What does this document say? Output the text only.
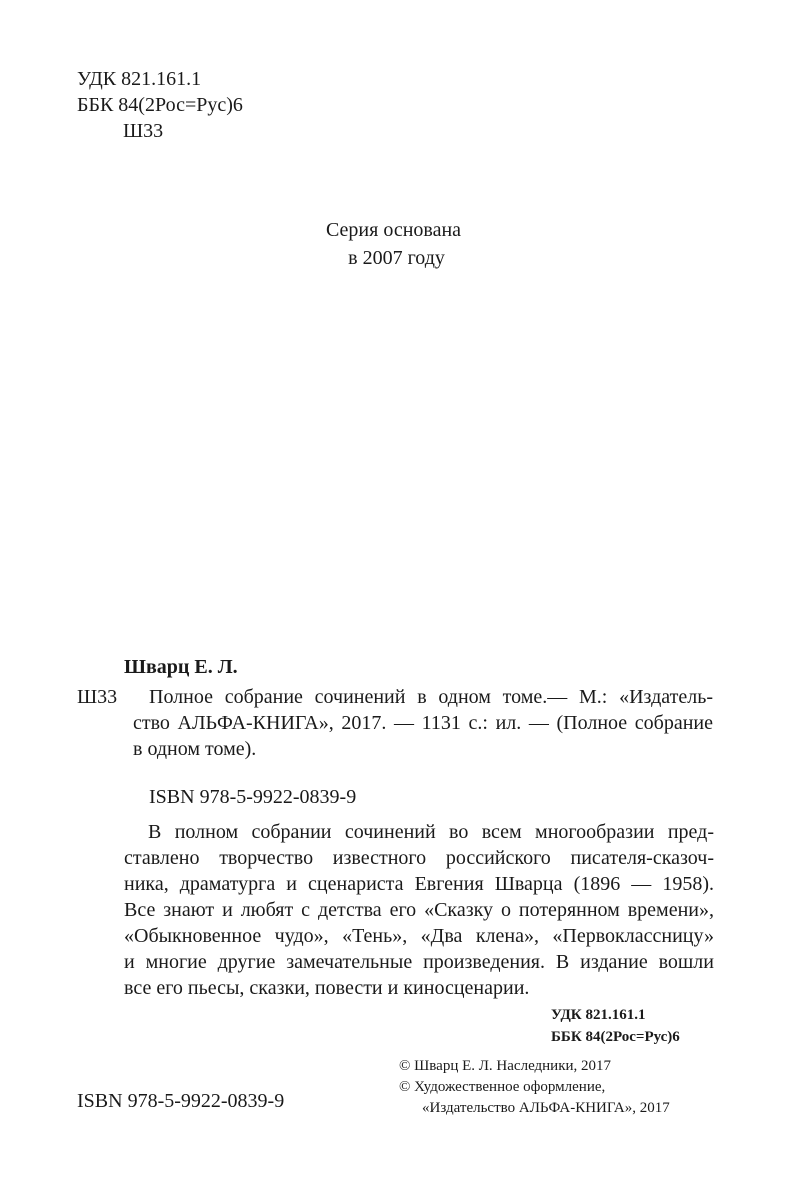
УДК 821.161.1
ББК 84(2Рос=Рус)6
Ш33
Серия основана
в 2007 году
Шварц Е. Л.
Ш33 Полное собрание сочинений в одном томе.— М.: «Издатель-
ство АЛЬФА-КНИГА», 2017. — 1131 с.: ил. — (Полное собрание
в одном томе).
ISBN 978-5-9922-0839-9
В полном собрании сочинений во всем многообразии пред-
ставлено творчество известного российского писателя-сказоч-
ника, драматурга и сценариста Евгения Шварца (1896 — 1958).
Все знают и любят с детства его «Сказку о потерянном времени»,
«Обыкновенное чудо», «Тень», «Два клена», «Первоклассницу»
и многие другие замечательные произведения. В издание вошли
все его пьесы, сказки, повести и киносценарии.
УДК 821.161.1
ББК 84(2Рос=Рус)6
© Шварц Е. Л. Наследники, 2017
© Художественное оформление,
«Издательство АЛЬФА-КНИГА», 2017
ISBN 978-5-9922-0839-9
